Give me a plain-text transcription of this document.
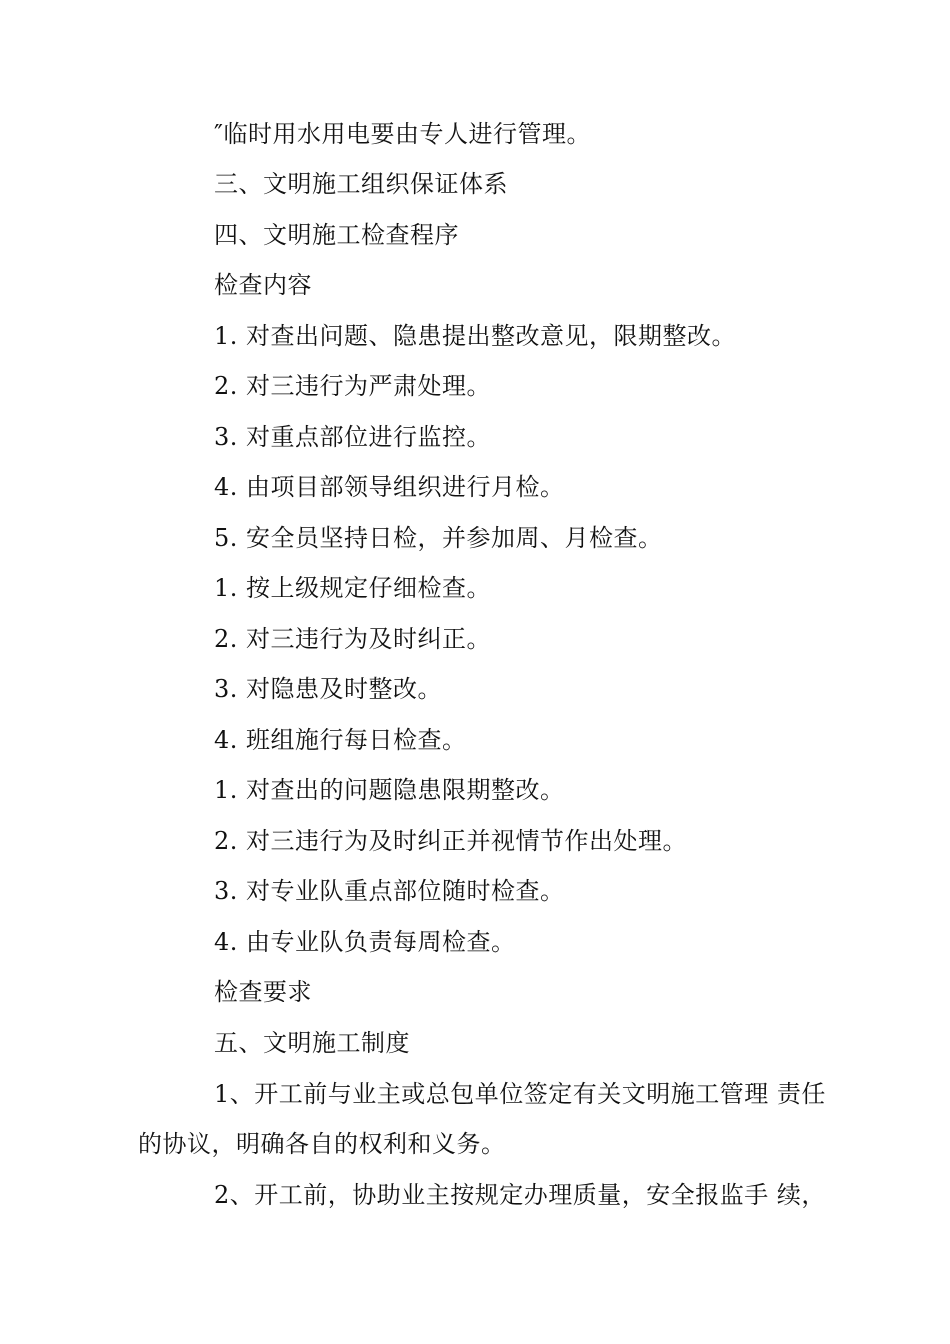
″临时用水用电要由专人进行管理。
三、文明施工组织保证体系
四、文明施工检查程序
检查内容
1. 对查出问题、隐患提出整改意见，限期整改。
2. 对三违行为严肃处理。
3. 对重点部位进行监控。
4. 由项目部领导组织进行月检。
5. 安全员坚持日检，并参加周、月检查。
1. 按上级规定仔细检查。
2. 对三违行为及时纠正。
3. 对隐患及时整改。
4. 班组施行每日检查。
1. 对查出的问题隐患限期整改。
2. 对三违行为及时纠正并视情节作出处理。
3. 对专业队重点部位随时检查。
4. 由专业队负责每周检查。
检查要求
五、文明施工制度
1、开工前与业主或总包单位签定有关文明施工管理 责任
的协议，明确各自的权利和义务。
2、开工前，协助业主按规定办理质量，安全报监手 续，
